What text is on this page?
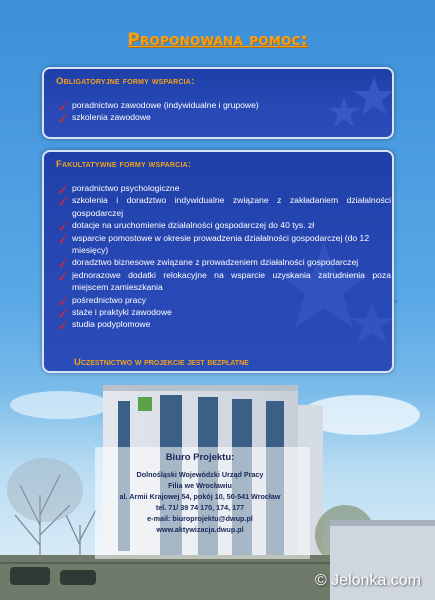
Proponowana pomoc:
Obligatoryjne formy wsparcia:
poradnictwo zawodowe (indywidualne i grupowe)
szkolenia zawodowe
Fakultatywne formy wsparcia:
poradnictwo psychologiczne
szkolenia i doradztwo indywidualne związane z zakładaniem działalności gospodarczej
dotacje na uruchomienie działalności gospodarczej do 40 tys. zł
wsparcie pomostowe w okresie prowadzenia działalności gospodarczej (do 12 miesięcy)
doradztwo biznesowe związane z prowadzeniem działalności gospodarczej
jednorazowe dodatki relokacyjne na wsparcie uzyskania zatrudnienia poza miejscem zamieszkania
pośrednictwo pracy
staże i praktyki zawodowe
studia podyplomowe
Uczestnictwo w projekcie jest bezpłatne
Biuro Projektu:
Dolnośląski Wojewódzki Urząd Pracy
Filia we Wrocławiu
al. Armii Krajowej 54, pokój 10, 50-541 Wrocław
tel. 71/ 39 74 170, 174, 177
e-mail: biuroprojektu@dwup.pl
www.aktywizacja.dwup.pl
© Jelonka.com
